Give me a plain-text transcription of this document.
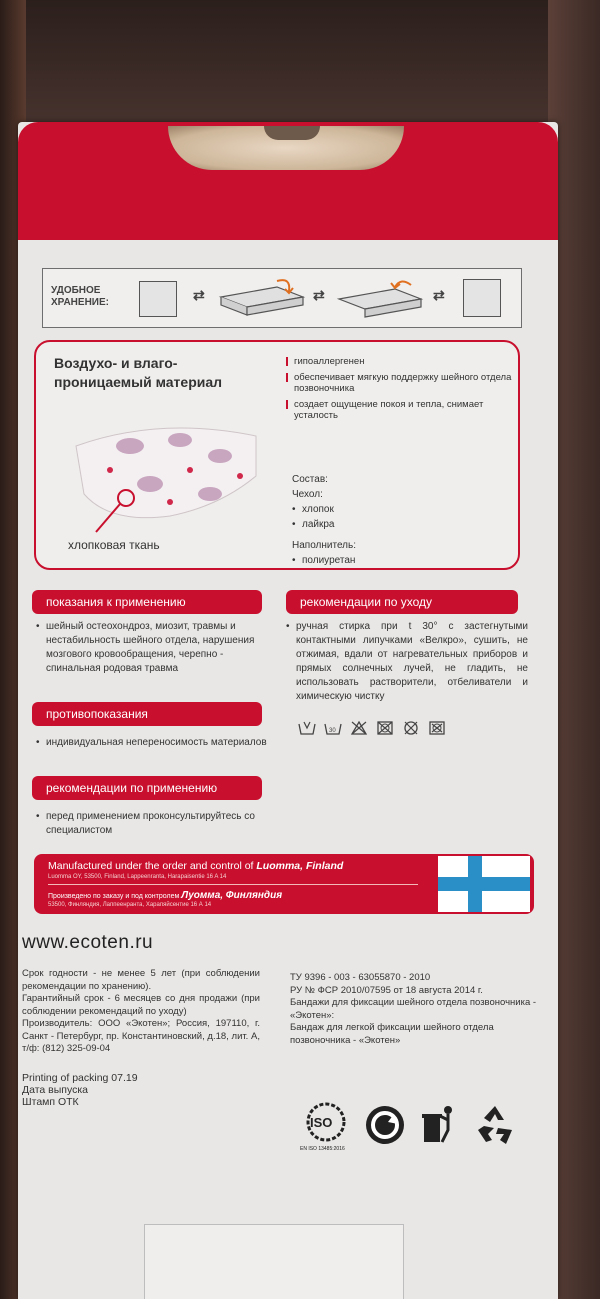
УДОБНОЕ
ХРАНЕНИЕ:	⇄	⇄	⇄
Воздухо- и влаго-проницаемый материал
хлопковая ткань
гипоаллергенен
обеспечивает мягкую поддержку шейного отдела позвоночника
создает ощущение покоя и тепла, снимает усталость
Состав:
Чехол:
• хлопок
• лайкра
Наполнитель:
• полиуретан
показания к применению
• шейный остеохондроз, миозит, травмы и нестабильность шейного отдела, нарушения мозгового кровообращения, черепно - спинальная родовая травма
рекомендации по уходу
• ручная стирка при t 30° с застегнутыми контактными липучками «Велкро», сушить, не отжимая, вдали от нагревательных приборов и прямых солнечных лучей, не гладить, не использовать растворители, отбеливатели и химическую чистку
30
противопоказания
• индивидуальная непереносимость материалов
рекомендации по применению
• перед применением проконсультируйтесь со специалистом
Manufactured under the order and control of Luomma, Finland
Luomma OY, 53500, Finland, Lappeenranta, Harapaisentie 16 A 14
Произведено по заказу и под контролем Луомма, Финляндия
53500, Финляндия, Лаппеенранта, Харапяйсентие 16 А 14
www.ecoten.ru
Срок годности - не менее 5 лет (при соблюдении рекомендации по хранению).
Гарантийный срок - 6 месяцев со дня продажи (при соблюдении рекомендаций по уходу)
Производитель: ООО «Экотен»; Россия, 197110, г. Санкт - Петербург, пр. Константиновский, д.18, лит. А, т/ф: (812) 325-09-04
ТУ 9396 - 003 - 63055870 - 2010
РУ № ФСР 2010/07595 от 18 августа 2014 г.
Бандажи для фиксации шейного отдела позвоночника - «Экотен»:
Бандаж для легкой фиксации шейного отдела позвоночника - «Экотен»
Printing of packing 07.19
Дата выпуска
Штамп ОТК
ISO
EN ISO 13485:2016
